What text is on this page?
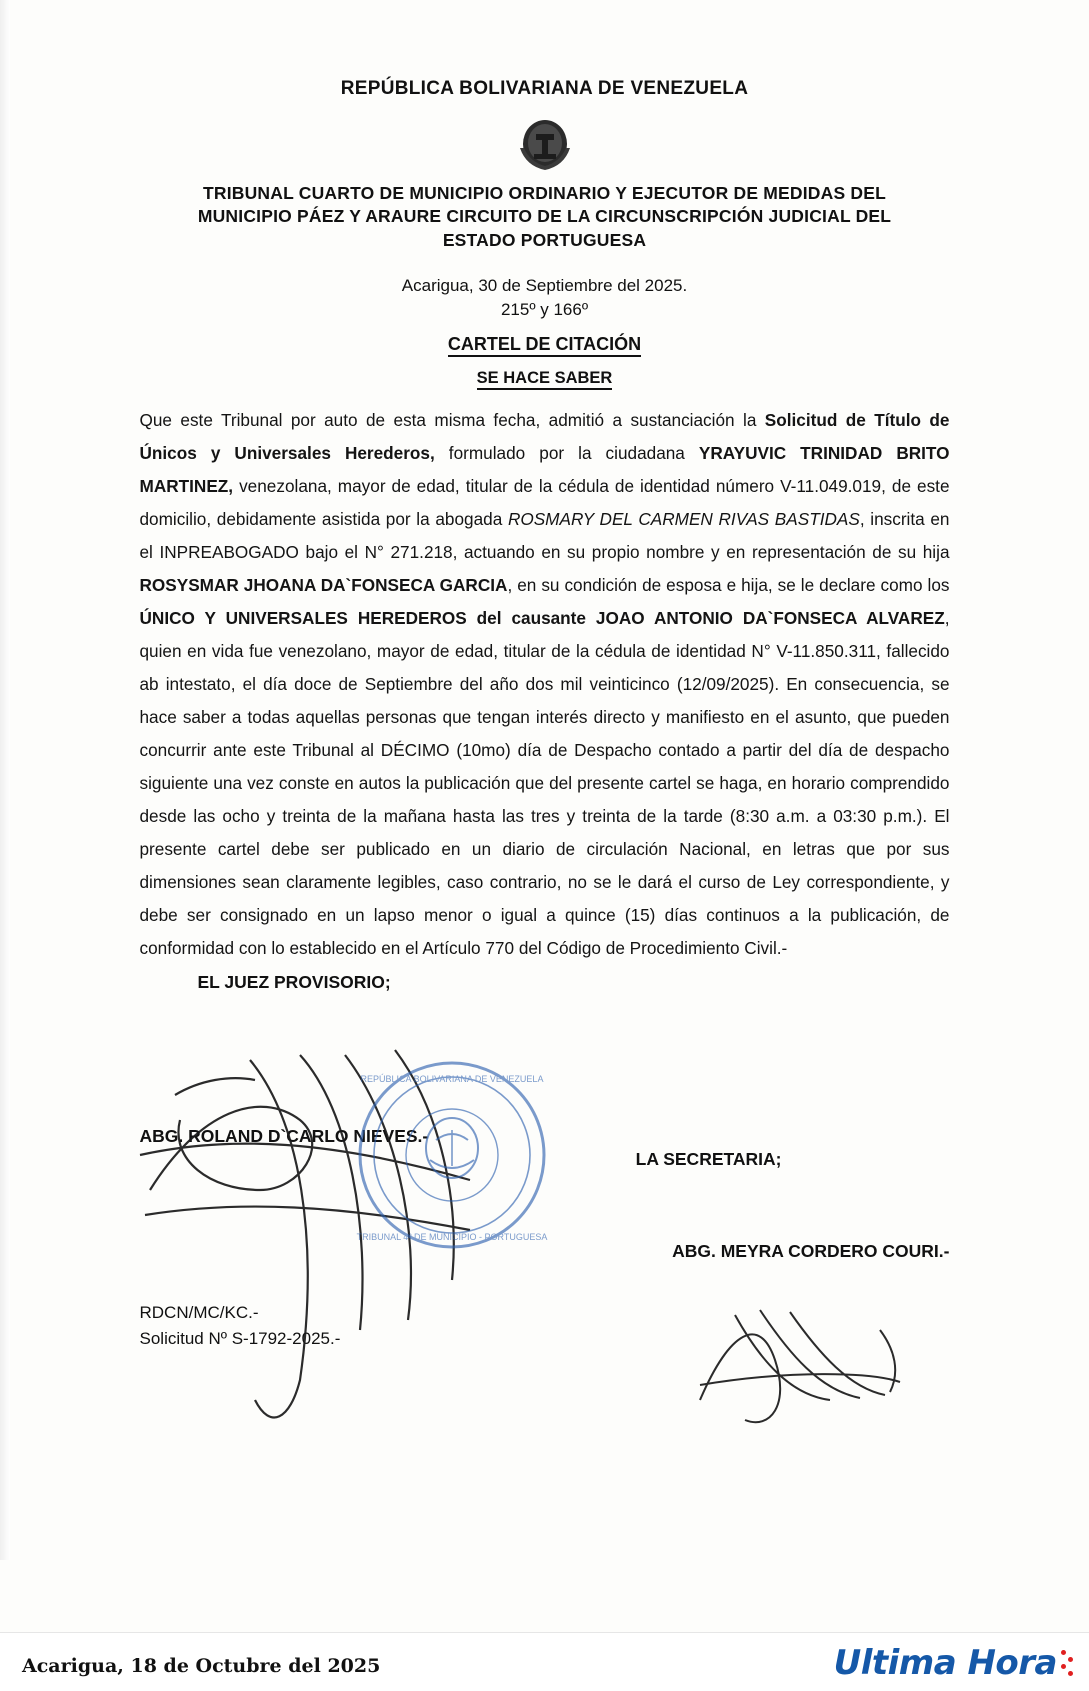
REPÚBLICA BOLIVARIANA DE VENEZUELA
TRIBUNAL CUARTO DE MUNICIPIO ORDINARIO Y EJECUTOR DE MEDIDAS DEL MUNICIPIO PÁEZ Y ARAURE CIRCUITO DE LA CIRCUNSCRIPCIÓN JUDICIAL DEL ESTADO PORTUGUESA
Acarigua, 30 de Septiembre del 2025.
215º y 166º
CARTEL DE CITACIÓN
SE HACE SABER
Que este Tribunal por auto de esta misma fecha, admitió a sustanciación la Solicitud de Título de Únicos y Universales Herederos, formulado por la ciudadana YRAYUVIC TRINIDAD BRITO MARTINEZ, venezolana, mayor de edad, titular de la cédula de identidad número V-11.049.019, de este domicilio, debidamente asistida por la abogada ROSMARY DEL CARMEN RIVAS BASTIDAS, inscrita en el INPREABOGADO bajo el N° 271.218, actuando en su propio nombre y en representación de su hija ROSYSMAR JHOANA DA`FONSECA GARCIA, en su condición de esposa e hija, se le declare como los ÚNICO Y UNIVERSALES HEREDEROS del causante JOAO ANTONIO DA`FONSECA ALVAREZ, quien en vida fue venezolano, mayor de edad, titular de la cédula de identidad N° V-11.850.311, fallecido ab intestato, el día doce de Septiembre del año dos mil veinticinco (12/09/2025). En consecuencia, se hace saber a todas aquellas personas que tengan interés directo y manifiesto en el asunto, que pueden concurrir ante este Tribunal al DÉCIMO (10mo) día de Despacho contado a partir del día de despacho siguiente una vez conste en autos la publicación que del presente cartel se haga, en horario comprendido desde las ocho y treinta de la mañana hasta las tres y treinta de la tarde (8:30 a.m. a 03:30 p.m.). El presente cartel debe ser publicado en un diario de circulación Nacional, en letras que por sus dimensiones sean claramente legibles, caso contrario, no se le dará el curso de Ley correspondiente, y debe ser consignado en un lapso menor o igual a quince (15) días continuos a la publicación, de conformidad con lo establecido en el Artículo 770 del Código de Procedimiento Civil.-
EL JUEZ PROVISORIO;
ABG. ROLAND D`CARLO NIEVES.-
LA SECRETARIA;
ABG. MEYRA CORDERO COURI.-
RDCN/MC/KC.-
Solicitud Nº S-1792-2025.-
REPÚBLICA BOLIVARIANA DE VENEZUELA
TRIBUNAL 4º DE MUNICIPIO - PORTUGUESA
Acarigua, 18 de Octubre del 2025	Ultima Hora
